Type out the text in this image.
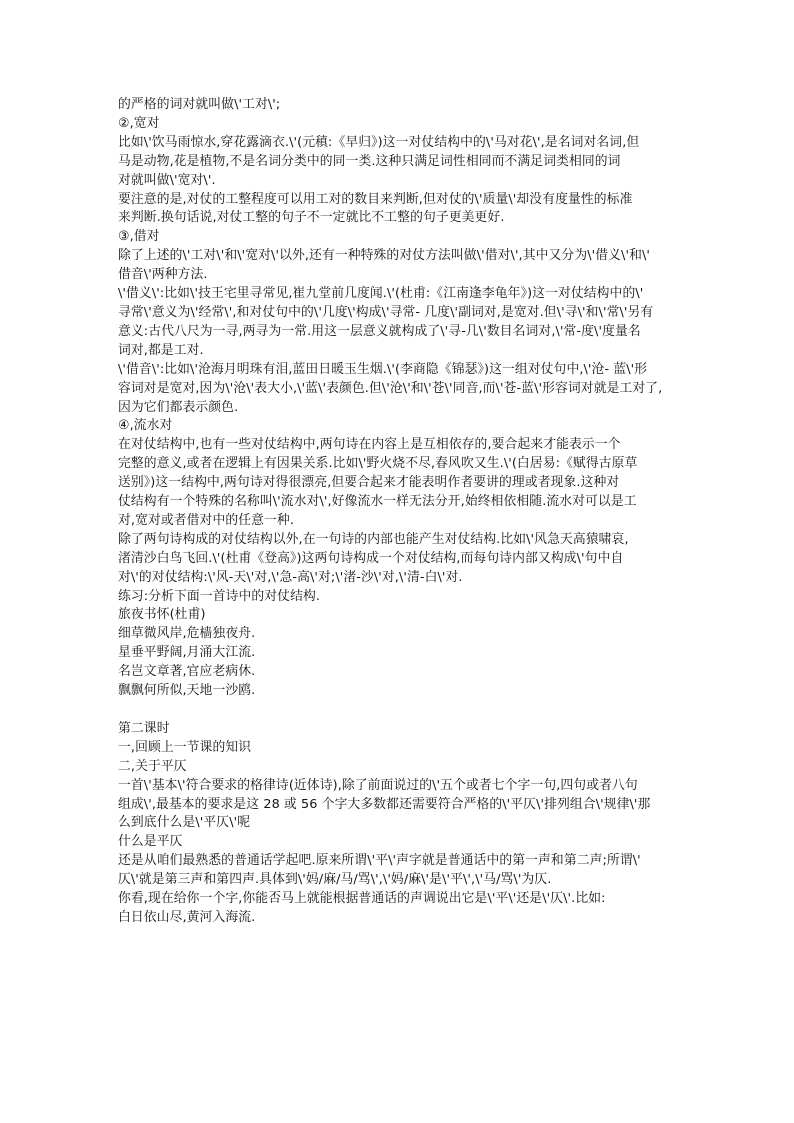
的严格的词对就叫做\'工对\';
②,宽对
比如\'饮马雨惊水,穿花露滴衣.\'(元稹:《早归》)这一对仗结构中的\'马对花\',是名词对名词,但
马是动物,花是植物,不是名词分类中的同一类.这种只满足词性相同而不满足词类相同的词
对就叫做\'宽对\'.
要注意的是,对仗的工整程度可以用工对的数目来判断,但对仗的\'质量\'却没有度量性的标准
来判断.换句话说,对仗工整的句子不一定就比不工整的句子更美更好.
③,借对
除了上述的\'工对\'和\'宽对\'以外,还有一种特殊的对仗方法叫做\'借对\',其中又分为\'借义\'和\'
借音\'两种方法.
\'借义\':比如\'技王宅里寻常见,崔九堂前几度闻.\'(杜甫:《江南逢李龟年》)这一对仗结构中的\'
寻常\'意义为\'经常\',和对仗句中的\'几度\'构成\'寻常- 几度\'副词对,是宽对.但\'寻\'和\'常\'另有
意义:古代八尺为一寻,两寻为一常.用这一层意义就构成了\'寻-几\'数目名词对,\'常-度\'度量名
词对,都是工对.
\'借音\':比如\'沧海月明珠有泪,蓝田日暖玉生烟.\'(李商隐《锦瑟》)这一组对仗句中,\'沧- 蓝\'形
容词对是宽对,因为\'沧\'表大小,\'蓝\'表颜色.但\'沧\'和\'苍\'同音,而\'苍-蓝\'形容词对就是工对了,
因为它们都表示颜色.
④,流水对
在对仗结构中,也有一些对仗结构中,两句诗在内容上是互相依存的,要合起来才能表示一个
完整的意义,或者在逻辑上有因果关系.比如\'野火烧不尽,春风吹又生.\'(白居易:《赋得古原草
送别》)这一结构中,两句诗对得很漂亮,但要合起来才能表明作者要讲的理或者现象.这种对
仗结构有一个特殊的名称叫\'流水对\',好像流水一样无法分开,始终相依相随.流水对可以是工
对,宽对或者借对中的任意一种.
除了两句诗构成的对仗结构以外,在一句诗的内部也能产生对仗结构.比如\'风急天高猿啸哀,
渚清沙白鸟飞回.\'(杜甫《登高》)这两句诗构成一个对仗结构,而每句诗内部又构成\'句中自
对\'的对仗结构:\'风-天\'对,\'急-高\'对;\'渚-沙\'对,\'清-白\'对.
练习:分析下面一首诗中的对仗结构.
旅夜书怀(杜甫)
细草微风岸,危樯独夜舟.
星垂平野阔,月涌大江流.
名岂文章著,官应老病休.
飘飘何所似,天地一沙鸥.
第二课时
一,回顾上一节课的知识
二,关于平仄
一首\'基本\'符合要求的格律诗(近体诗),除了前面说过的\'五个或者七个字一句,四句或者八句
组成\',最基本的要求是这 28 或 56 个字大多数都还需要符合严格的\'平仄\'排列组合\'规律\'那
么到底什么是\'平仄\'呢
什么是平仄
还是从咱们最熟悉的普通话学起吧.原来所谓\'平\'声字就是普通话中的第一声和第二声;所谓\'
仄\'就是第三声和第四声.具体到\'妈/麻/马/骂\',\'妈/麻\'是\'平\',\'马/骂\'为仄.
你看,现在给你一个字,你能否马上就能根据普通话的声调说出它是\'平\'还是\'仄\'.比如:
白日依山尽,黄河入海流.
